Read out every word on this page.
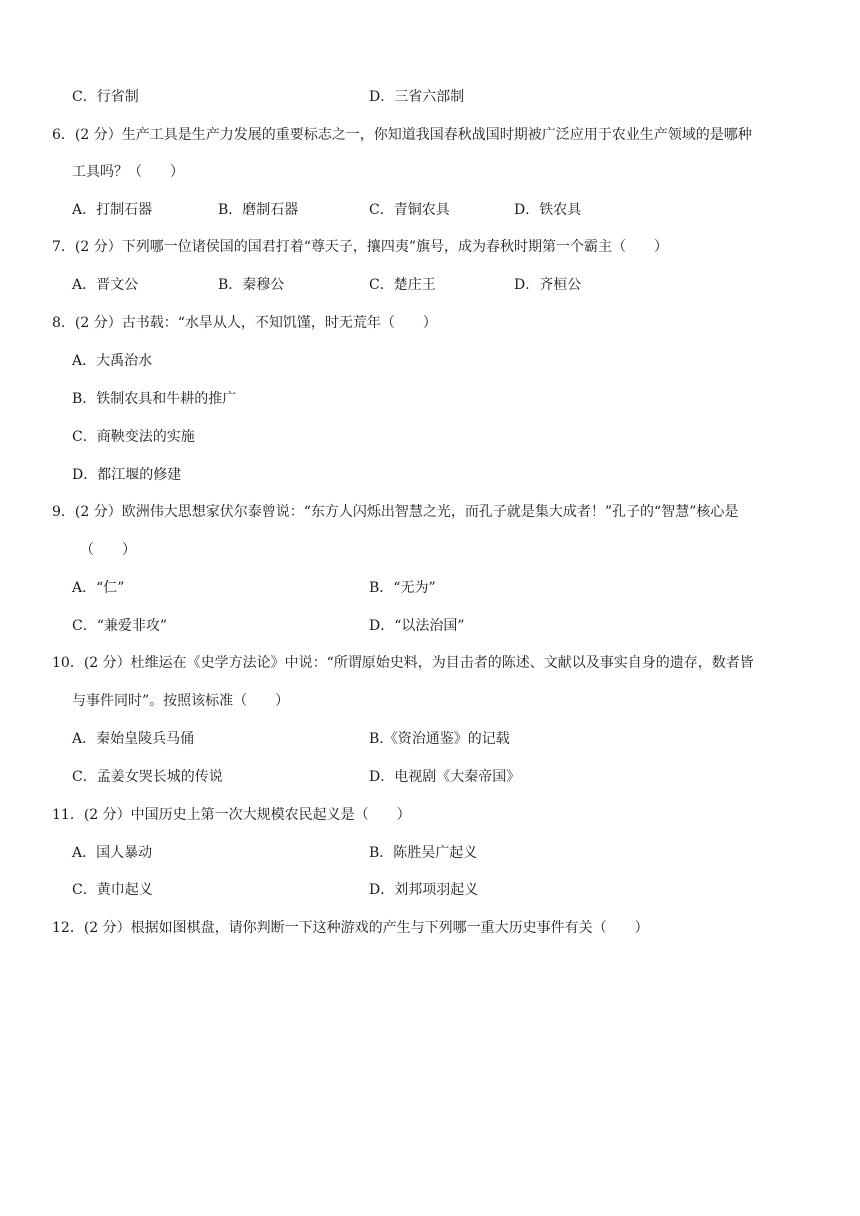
C．行省制	D．三省六部制
6．(2 分）生产工具是生产力发展的重要标志之一，你知道我国春秋战国时期被广泛应用于农业生产领域的是哪种
工具吗？（　　）
A．打制石器	B．磨制石器	C．青铜农具	D．铁农具
7．(2 分）下列哪一位诸侯国的国君打着“尊天子，攘四夷”旗号，成为春秋时期第一个霸主（　　）
A．晋文公	B．秦穆公	C．楚庄王	D．齐桓公
8．(2 分）古书载：“水旱从人，不知饥馑，时无荒年（　　）
A．大禹治水
B．铁制农具和牛耕的推广
C．商鞅变法的实施
D．都江堰的修建
9．(2 分）欧洲伟大思想家伏尔泰曾说：“东方人闪烁出智慧之光，而孔子就是集大成者！”孔子的“智慧”核心是
（　　）
A．“仁”	B．“无为”
C．“兼爱非攻”	D．“以法治国”
10．(2 分）杜维运在《史学方法论》中说：“所谓原始史料，为目击者的陈述、文献以及事实自身的遗存，数者皆
与事件同时”。按照该标准（　　）
A．秦始皇陵兵马俑	B.《资治通鉴》的记载
C．孟姜女哭长城的传说	D．电视剧《大秦帝国》
11．(2 分）中国历史上第一次大规模农民起义是（　　）
A．国人暴动	B．陈胜吴广起义
C．黄巾起义	D．刘邦项羽起义
12．(2 分）根据如图棋盘，请你判断一下这种游戏的产生与下列哪一重大历史事件有关（　　）
